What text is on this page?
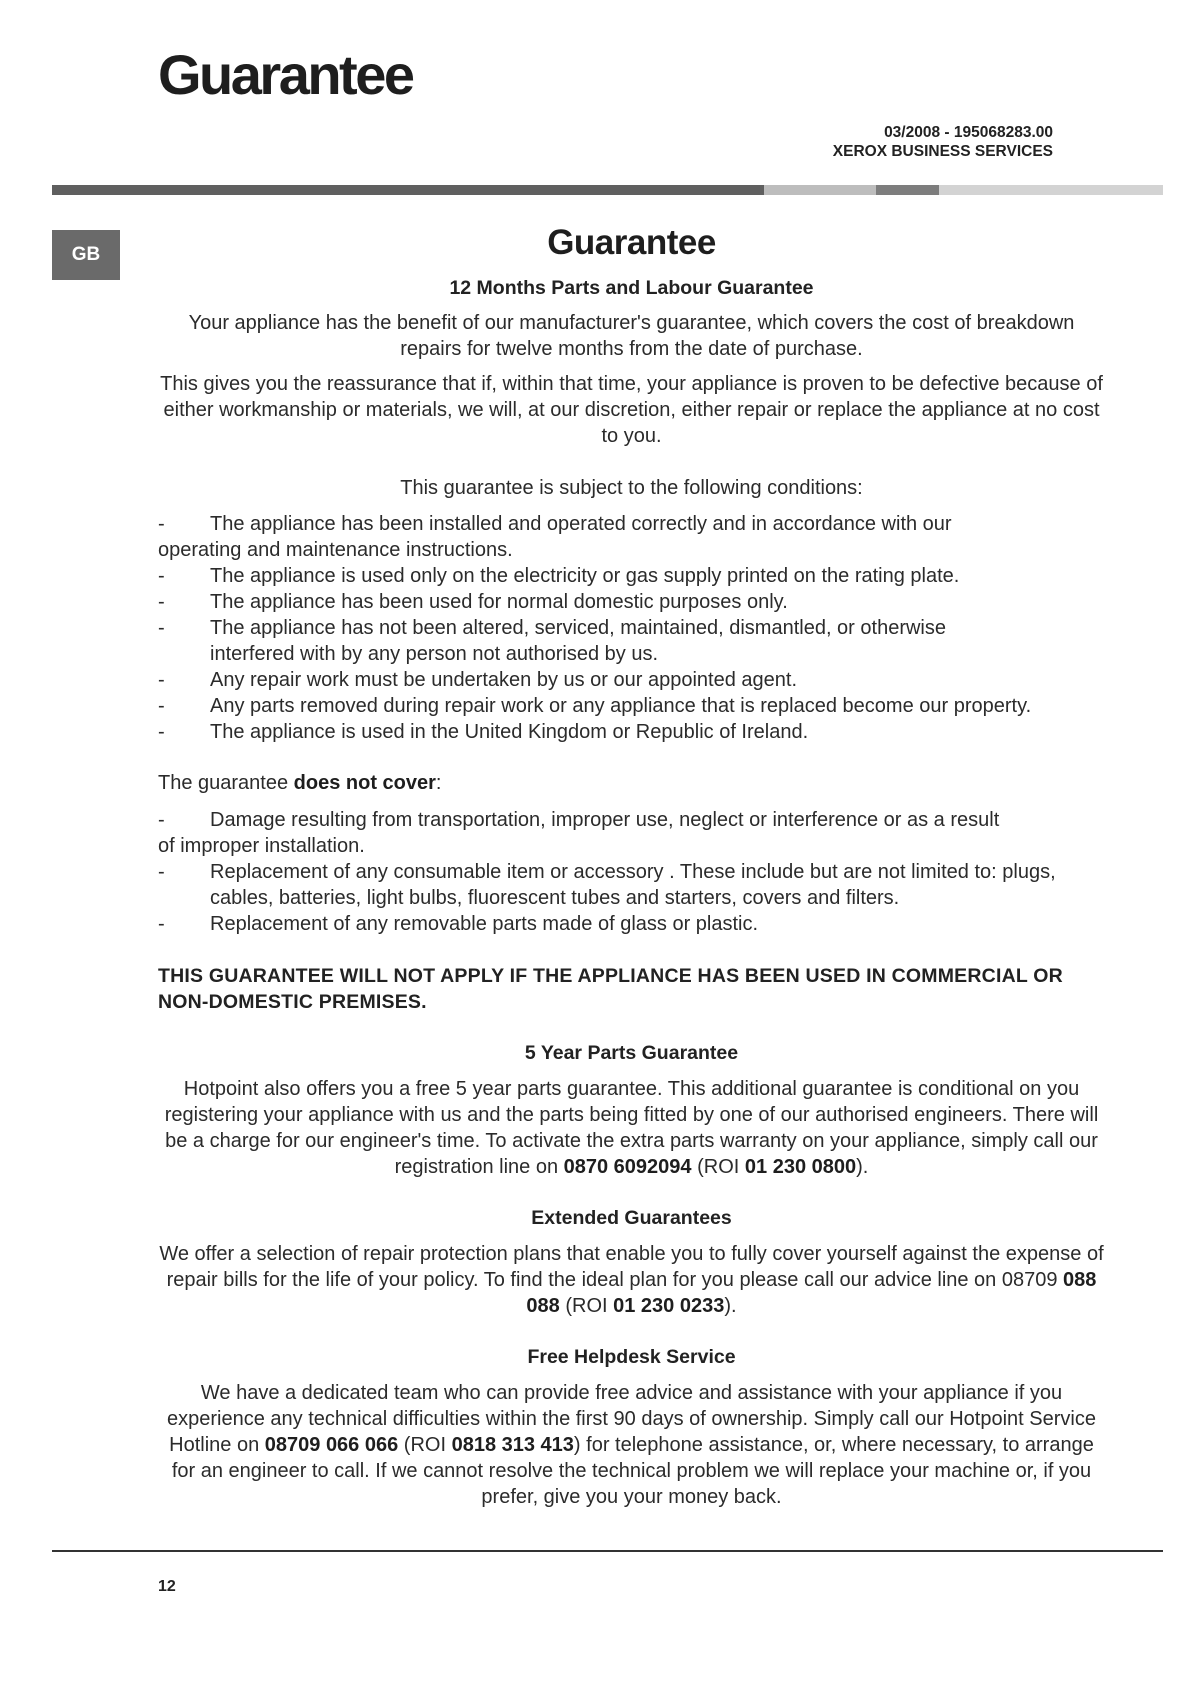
Guarantee
03/2008 - 195068283.00
XEROX BUSINESS SERVICES
GB	Guarantee
12 Months Parts and Labour Guarantee

Your appliance has the benefit of our manufacturer's guarantee, which covers the cost of breakdown repairs for twelve months from the date of purchase.

This gives you the reassurance that if, within that time, your appliance is proven to be defective because of either workmanship or materials, we will, at our discretion, either repair or replace the appliance at no cost to you.

This guarantee is subject to the following conditions:

-	The appliance has been installed and operated correctly and in accordance with our

operating and maintenance instructions.

-	The appliance is used only on the electricity or gas supply printed on the rating plate.
-	The appliance has been used for normal domestic purposes only.
-	The appliance has not been altered, serviced, maintained, dismantled, or otherwise interfered with by any person not authorised by us.
-	Any repair work must be undertaken by us or our appointed agent.
-	Any parts removed during repair work or any appliance that is replaced become our property.
-	The appliance is used in the United Kingdom or Republic of Ireland.

The guarantee does not cover:

-	Damage resulting from transportation, improper use, neglect or interference or as a result

of improper installation.

-	Replacement of any consumable item or accessory . These include but are not limited to: plugs, cables, batteries, light bulbs, fluorescent tubes and starters, covers and filters.
-	Replacement of any removable parts made of glass or plastic.

THIS GUARANTEE WILL NOT APPLY IF THE APPLIANCE HAS BEEN USED IN COMMERCIAL OR NON-DOMESTIC PREMISES.

5 Year Parts Guarantee

Hotpoint also offers you a free 5 year parts guarantee. This additional guarantee is conditional on you registering your appliance with us and the parts being fitted by one of our authorised engineers. There will be a charge for our engineer's time. To activate the extra parts warranty on your appliance, simply call our registration line on 0870 6092094 (ROI 01 230 0800).

Extended Guarantees

We offer a selection of repair protection plans that enable you to fully cover yourself against the expense of repair bills for the life of your policy. To find the ideal plan for you please call our advice line on 08709 088 088 (ROI 01 230 0233).

Free Helpdesk Service

We have a dedicated team who can provide free advice and assistance with your appliance if you experience any technical difficulties within the first 90 days of ownership. Simply call our Hotpoint Service Hotline on 08709 066 066 (ROI 0818 313 413) for telephone assistance, or, where necessary, to arrange for an engineer to call. If we cannot resolve the technical problem we will replace your machine or, if you prefer, give you your money back.

12
